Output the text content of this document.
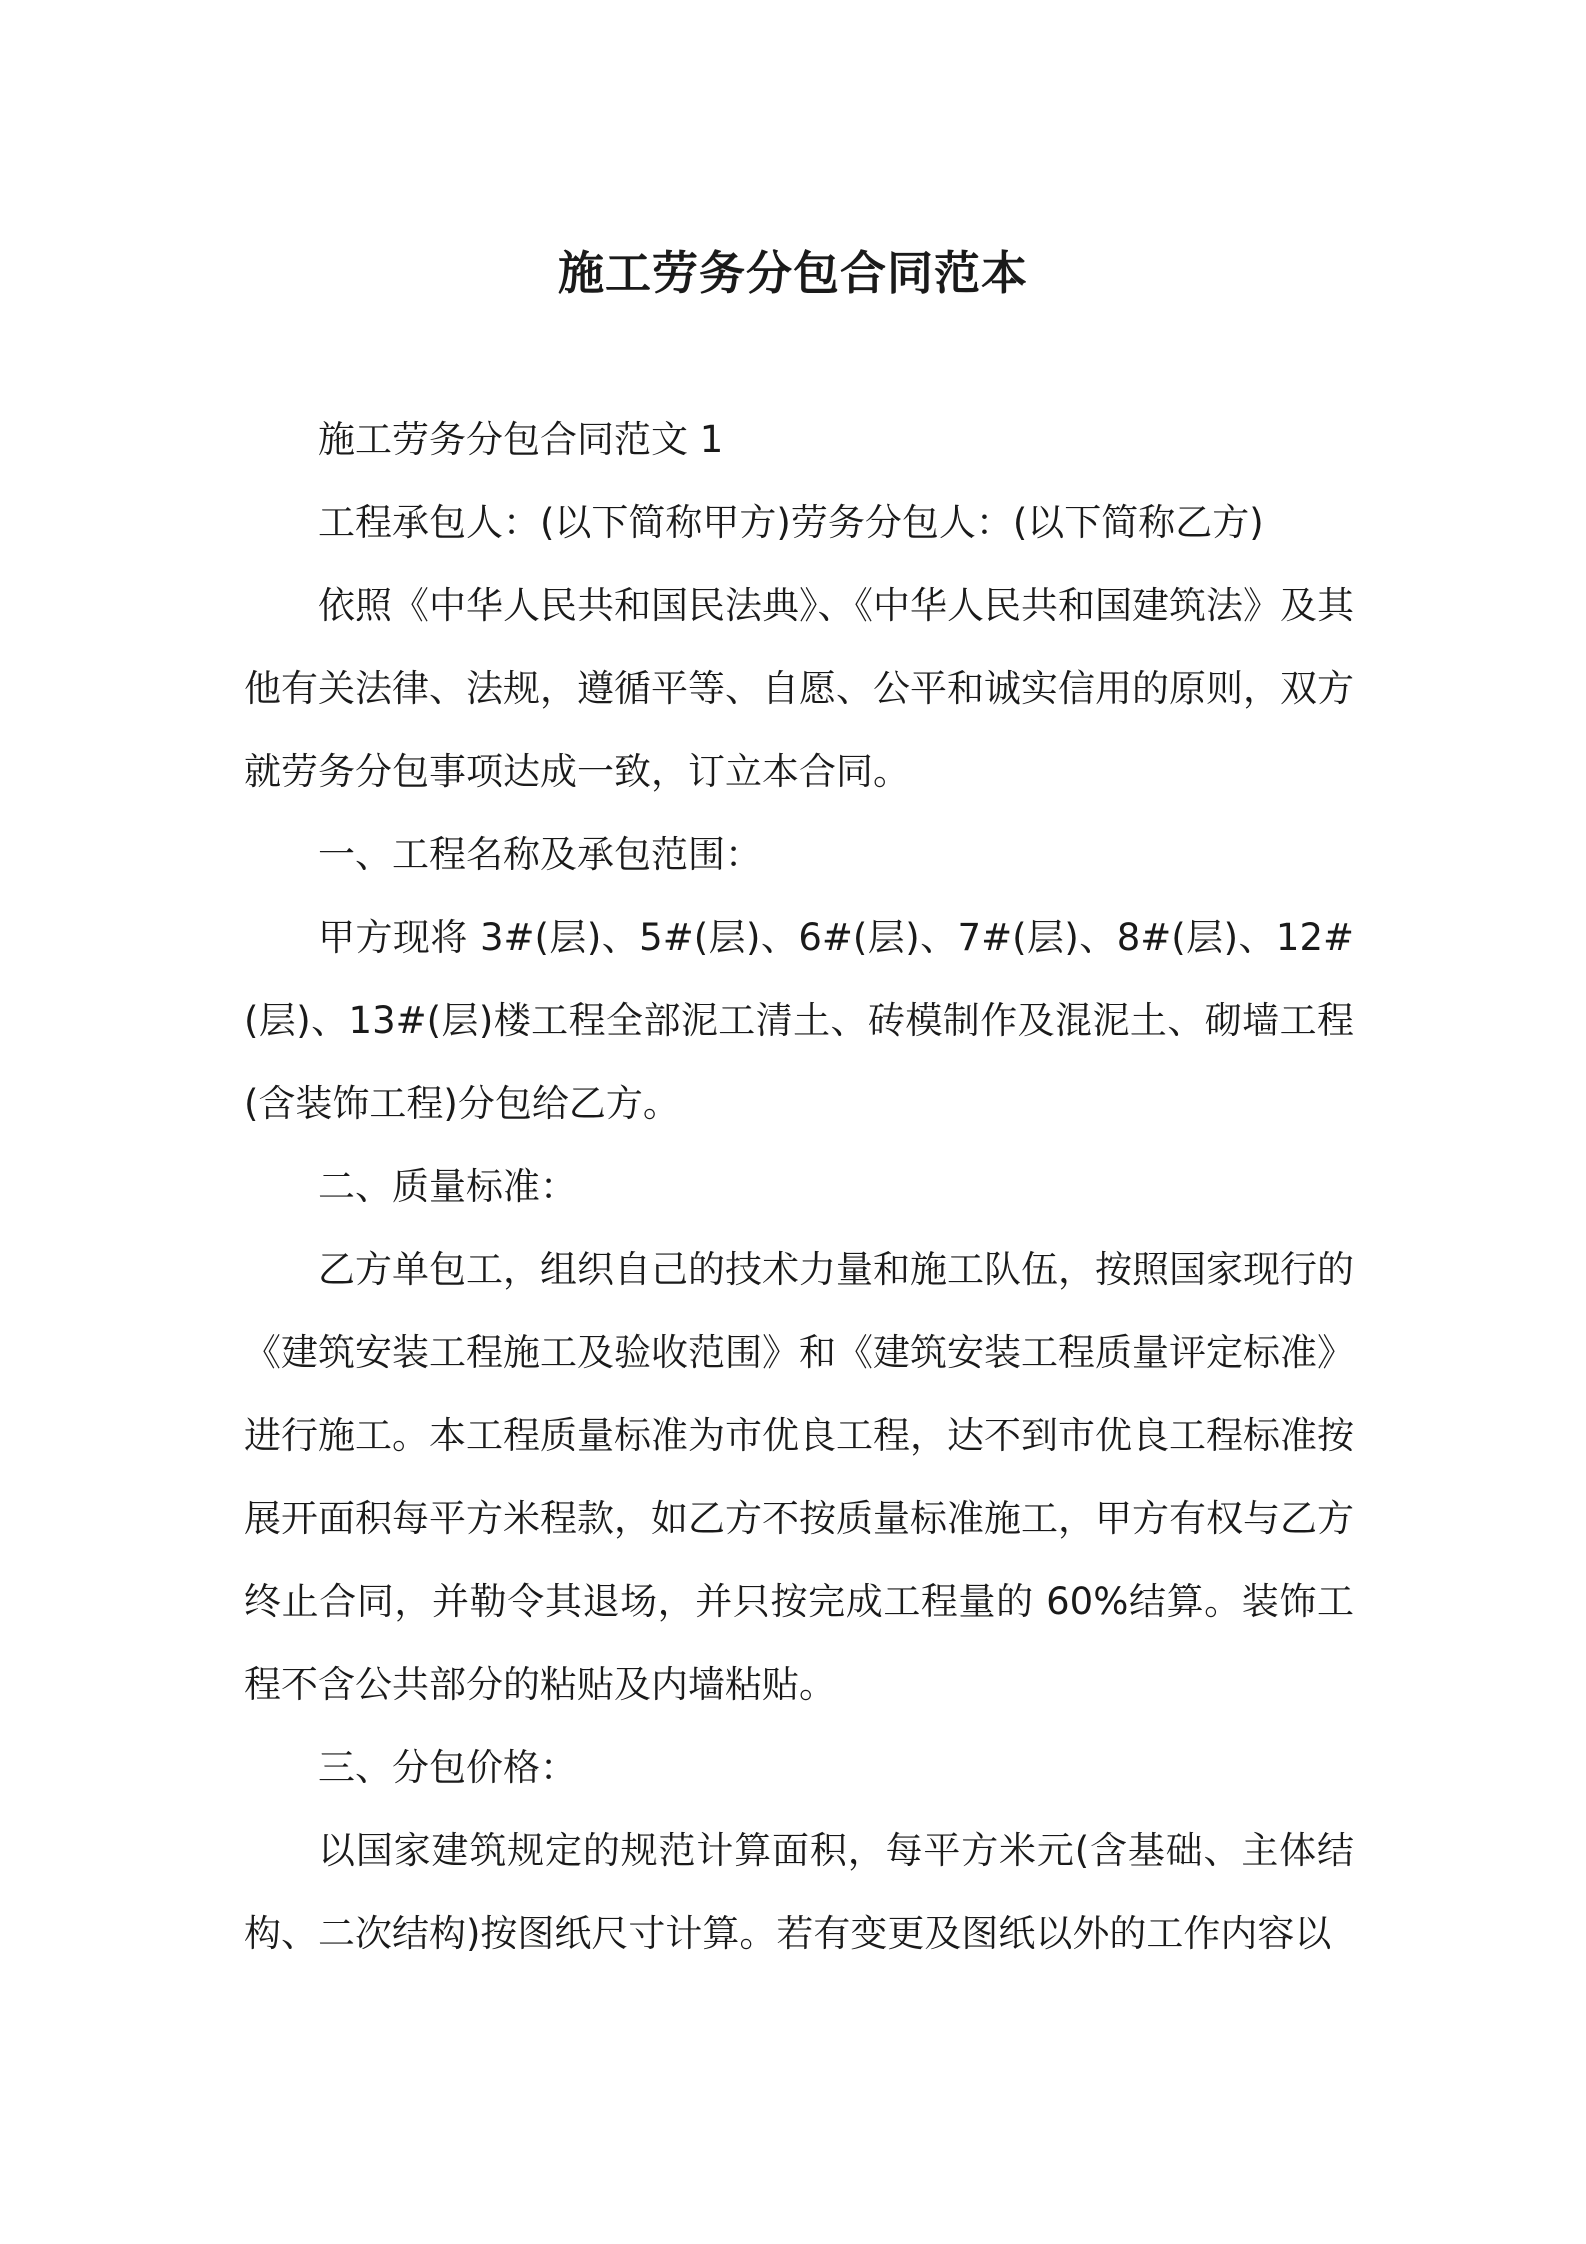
施工劳务分包合同范本

施工劳务分包合同范文 1

工程承包人：(以下简称甲方)劳务分包人：(以下简称乙方)

依照《中华人民共和国民法典》、《中华人民共和国建筑法》及其他有关法律、法规，遵循平等、自愿、公平和诚实信用的原则，双方就劳务分包事项达成一致，订立本合同。

一、工程名称及承包范围：

甲方现将 3#(层)、5#(层)、6#(层)、7#(层)、8#(层)、12#(层)、13#(层)楼工程全部泥工清土、砖模制作及混泥土、砌墙工程(含装饰工程)分包给乙方。

二、质量标准：

乙方单包工，组织自己的技术力量和施工队伍，按照国家现行的《建筑安装工程施工及验收范围》和《建筑安装工程质量评定标准》进行施工。本工程质量标准为市优良工程，达不到市优良工程标准按展开面积每平方米程款，如乙方不按质量标准施工，甲方有权与乙方终止合同，并勒令其退场，并只按完成工程量的 60%结算。装饰工程不含公共部分的粘贴及内墙粘贴。

三、分包价格：

以国家建筑规定的规范计算面积，每平方米元(含基础、主体结构、二次结构)按图纸尺寸计算。若有变更及图纸以外的工作内容以
